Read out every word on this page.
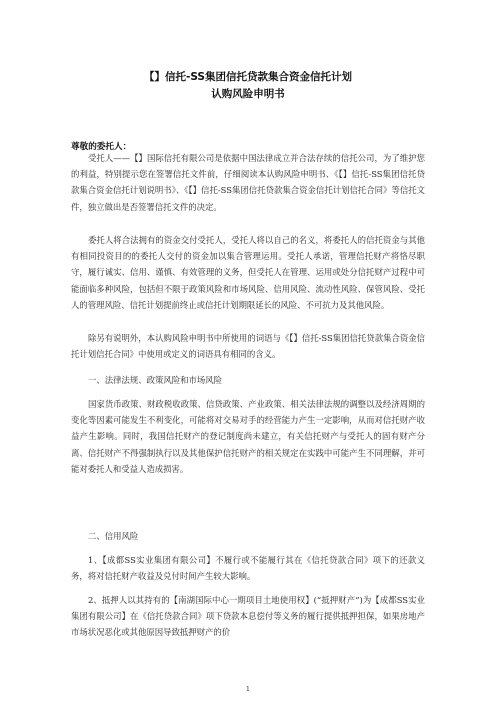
【】信托-SS集团信托贷款集合资金信托计划
认购风险申明书
尊敬的委托人：

受托人——【】国际信托有限公司是依据中国法律成立并合法存续的信托公司，为了维护您的利益，特别提示您在签署信托文件前，仔细阅读本认购风险申明书、《【】信托-SS集团信托贷款集合资金信托计划说明书》、《【】信托-SS集团信托贷款集合资金信托计划信托合同》等信托文件，独立做出是否签署信托文件的决定。

委托人将合法拥有的资金交付受托人，受托人将以自己的名义，将委托人的信托资金与其他有相同投资目的的委托人交付的资金加以集合管理运用。受托人承诺，管理信托财产将恪尽职守，履行诚实、信用、谨慎、有效管理的义务，但受托人在管理、运用或处分信托财产过程中可能面临多种风险，包括但不限于政策风险和市场风险、信用风险、流动性风险、保管风险、受托人的管理风险、信托计划提前终止或信托计划期限延长的风险、不可抗力及其他风险。

除另有说明外，本认购风险申明书中所使用的词语与《【】信托-SS集团信托贷款集合资金信托计划信托合同》中使用或定义的词语具有相同的含义。

一、法律法规、政策风险和市场风险

国家货币政策、财政税收政策、信贷政策、产业政策、相关法律法规的调整以及经济周期的变化等因素可能发生不利变化，可能将对交易对手的经营能力产生一定影响，从而对信托财产收益产生影响。同时，我国信托财产的登记制度尚未建立，有关信托财产与受托人的固有财产分离、信托财产不得强制执行以及其他保护信托财产的相关规定在实践中可能产生不同理解，并可能对委托人和受益人造成损害。

二、信用风险

1、【成都SS实业集团有限公司】不履行或不能履行其在《信托贷款合同》项下的还款义务，将对信托财产收益及兑付时间产生较大影响。

2、抵押人以其持有的【南湖国际中心一期项目土地使用权】(“抵押财产”)为【成都SS实业集团有限公司】在《信托贷款合同》项下贷款本息偿付等义务的履行提供抵押担保，如果房地产市场状况恶化或其他原因导致抵押财产的价

1
